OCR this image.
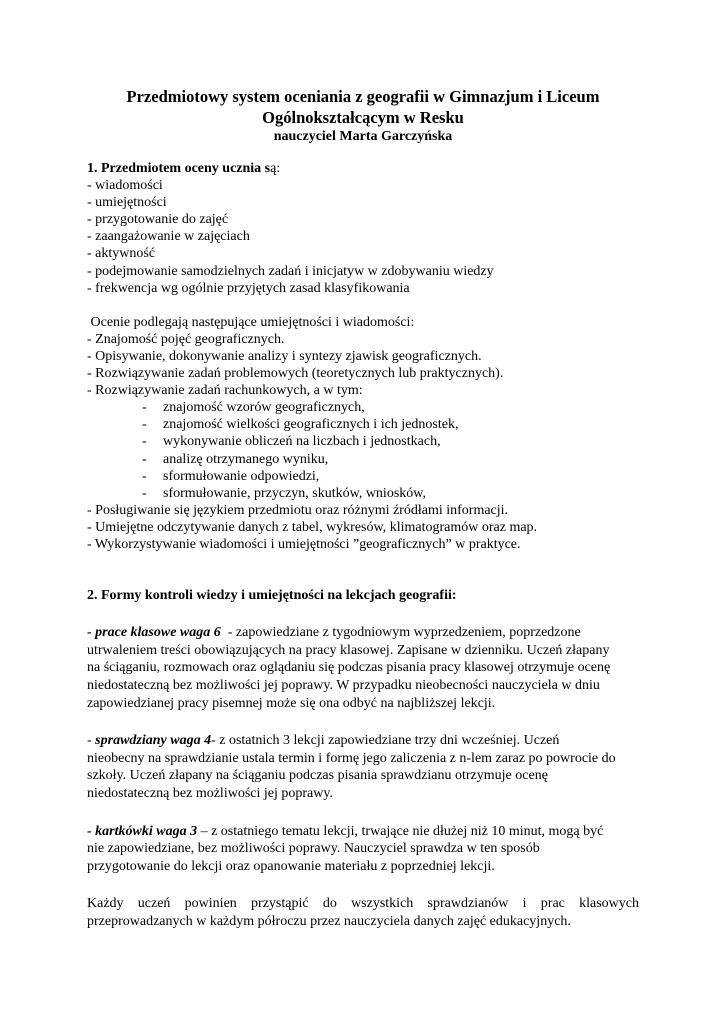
Przedmiotowy system oceniania z geografii w Gimnazjum i Liceum

Ogólnokształcącym w Resku

nauczyciel Marta Garczyńska

1. Przedmiotem oceny ucznia są:

- wiadomości

- umiejętności

- przygotowanie do zajęć

- zaangażowanie w zajęciach

- aktywność

- podejmowanie samodzielnych zadań i inicjatyw w zdobywaniu wiedzy

- frekwencja wg ogólnie przyjętych zasad klasyfikowania

Ocenie podlegają następujące umiejętności i wiadomości:

- Znajomość pojęć geograficznych.

- Opisywanie, dokonywanie analizy i syntezy zjawisk geograficznych.

- Rozwiązywanie zadań problemowych (teoretycznych lub praktycznych).

- Rozwiązywanie zadań rachunkowych, a w tym:

- znajomość wzorów geograficznych,

- znajomość wielkości geograficznych i ich jednostek,

- wykonywanie obliczeń na liczbach i jednostkach,

- analizę otrzymanego wyniku,

- sformułowanie odpowiedzi,

- sformułowanie, przyczyn, skutków, wniosków,

- Posługiwanie się językiem przedmiotu oraz różnymi źródłami informacji.

- Umiejętne odczytywanie danych z tabel, wykresów, klimatogramów oraz map.

- Wykorzystywanie wiadomości i umiejętności ”geograficznych” w praktyce.

2. Formy kontroli wiedzy i umiejętności na lekcjach geografii:

- prace klasowe waga 6  - zapowiedziane z tygodniowym wyprzedzeniem, poprzedzone

utrwaleniem treści obowiązujących na pracy klasowej. Zapisane w dzienniku. Uczeń złapany

na ściąganiu, rozmowach oraz oglądaniu się podczas pisania pracy klasowej otrzymuje ocenę

niedostateczną bez możliwości jej poprawy. W przypadku nieobecności nauczyciela w dniu

zapowiedzianej pracy pisemnej może się ona odbyć na najbliższej lekcji.

- sprawdziany waga 4- z ostatnich 3 lekcji zapowiedziane trzy dni wcześniej. Uczeń

nieobecny na sprawdzianie ustala termin i formę jego zaliczenia z n-lem zaraz po powrocie do

szkoły. Uczeń złapany na ściąganiu podczas pisania sprawdzianu otrzymuje ocenę

niedostateczną bez możliwości jej poprawy.

- kartkówki waga 3 – z ostatniego tematu lekcji, trwające nie dłużej niż 10 minut, mogą być

nie zapowiedziane, bez możliwości poprawy. Nauczyciel sprawdza w ten sposób

przygotowanie do lekcji oraz opanowanie materiału z poprzedniej lekcji.

Każdy uczeń powinien przystąpić do wszystkich sprawdzianów i prac klasowych

przeprowadzanych w każdym półroczu przez nauczyciela danych zajęć edukacyjnych.
